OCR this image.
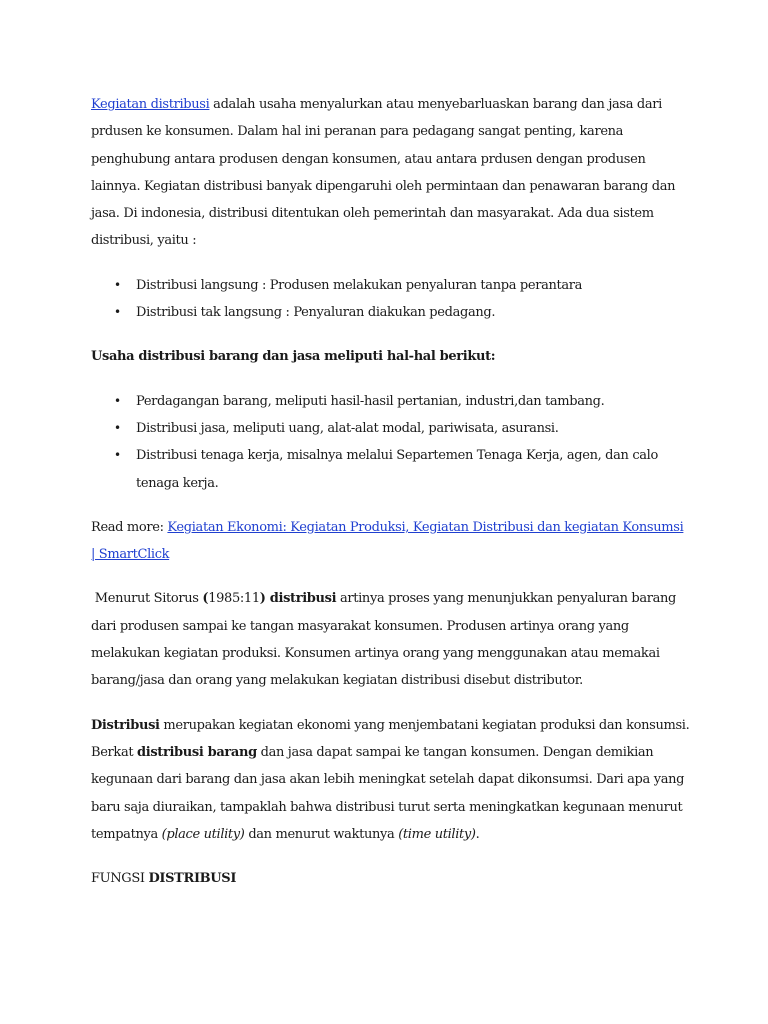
Kegiatan distribusi adalah usaha menyalurkan atau menyebarluaskan barang dan jasa dari prdusen ke konsumen. Dalam hal ini peranan para pedagang sangat penting, karena penghubung antara produsen dengan konsumen, atau antara prdusen dengan produsen lainnya. Kegiatan distribusi banyak dipengaruhi oleh permintaan dan penawaran barang dan jasa. Di indonesia, distribusi ditentukan oleh pemerintah dan masyarakat. Ada dua sistem distribusi, yaitu :

• Distribusi langsung : Produsen melakukan penyaluran tanpa perantara
• Distribusi tak langsung : Penyaluran diakukan pedagang.

Usaha distribusi barang dan jasa meliputi hal-hal berikut:

• Perdagangan barang, meliputi hasil-hasil pertanian, industri,dan tambang.
• Distribusi jasa, meliputi uang, alat-alat modal, pariwisata, asuransi.
• Distribusi tenaga kerja, misalnya melalui Separtemen Tenaga Kerja, agen, dan calo tenaga kerja.

Read more: Kegiatan Ekonomi: Kegiatan Produksi, Kegiatan Distribusi dan kegiatan Konsumsi | SmartClick

Menurut Sitorus (1985:11) distribusi artinya proses yang menunjukkan penyaluran barang dari produsen sampai ke tangan masyarakat konsumen. Produsen artinya orang yang melakukan kegiatan produksi. Konsumen artinya orang yang menggunakan atau memakai barang/jasa dan orang yang melakukan kegiatan distribusi disebut distributor.

Distribusi merupakan kegiatan ekonomi yang menjembatani kegiatan produksi dan konsumsi. Berkat distribusi barang dan jasa dapat sampai ke tangan konsumen. Dengan demikian kegunaan dari barang dan jasa akan lebih meningkat setelah dapat dikonsumsi. Dari apa yang baru saja diuraikan, tampaklah bahwa distribusi turut serta meningkatkan kegunaan menurut tempatnya (place utility) dan menurut waktunya (time utility).

FUNGSI DISTRIBUSI
